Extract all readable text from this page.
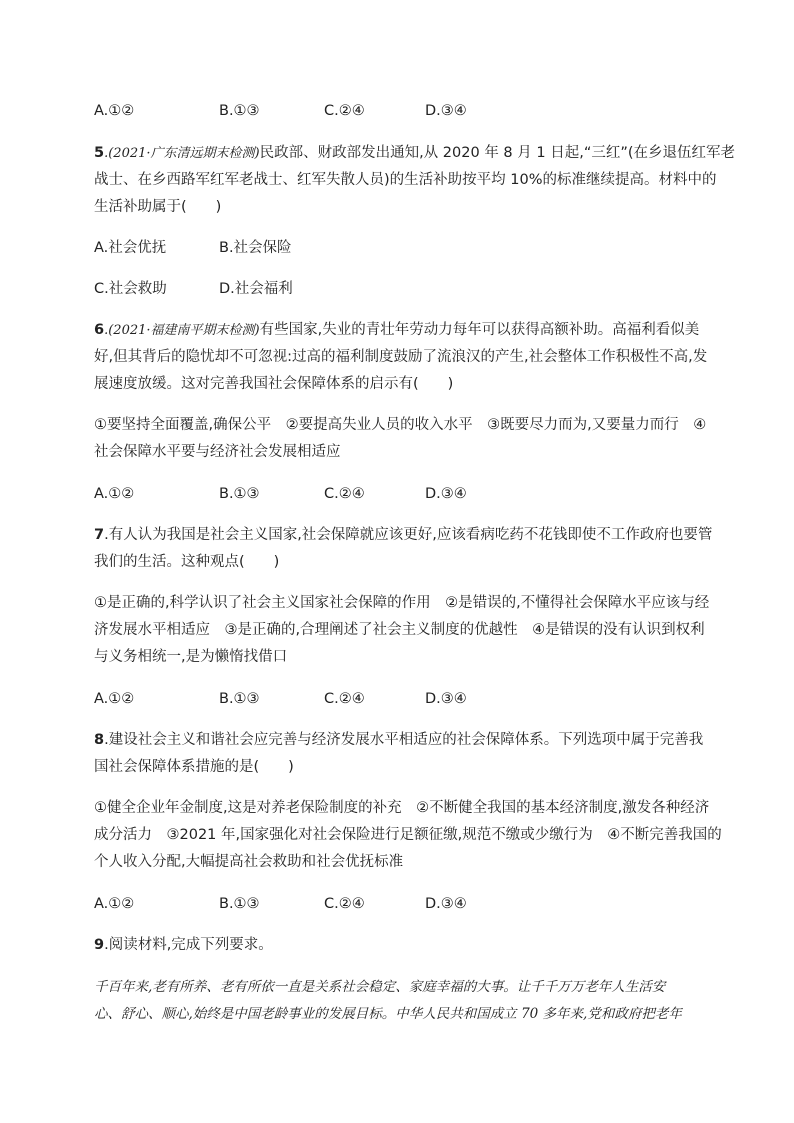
A.①②	B.①③	C.②④	D.③④
5.(2021·广东清远期末检测)民政部、财政部发出通知,从 2020 年 8 月 1 日起,“三红”(在乡退伍红军老
战士、在乡西路军红军老战士、红军失散人员)的生活补助按平均 10%的标准继续提高。材料中的
生活补助属于(　　)
A.社会优抚	B.社会保险
C.社会救助	D.社会福利
6.(2021·福建南平期末检测)有些国家,失业的青壮年劳动力每年可以获得高额补助。高福利看似美
好,但其背后的隐忧却不可忽视:过高的福利制度鼓励了流浪汉的产生,社会整体工作积极性不高,发
展速度放缓。这对完善我国社会保障体系的启示有(　　)
①要坚持全面覆盖,确保公平　②要提高失业人员的收入水平　③既要尽力而为,又要量力而行　④
社会保障水平要与经济社会发展相适应
A.①②	B.①③	C.②④	D.③④
7.有人认为我国是社会主义国家,社会保障就应该更好,应该看病吃药不花钱即使不工作政府也要管
我们的生活。这种观点(　　)
①是正确的,科学认识了社会主义国家社会保障的作用　②是错误的,不懂得社会保障水平应该与经
济发展水平相适应　③是正确的,合理阐述了社会主义制度的优越性　④是错误的没有认识到权利
与义务相统一,是为懒惰找借口
A.①②	B.①③	C.②④	D.③④
8.建设社会主义和谐社会应完善与经济发展水平相适应的社会保障体系。下列选项中属于完善我
国社会保障体系措施的是(　　)
①健全企业年金制度,这是对养老保险制度的补充　②不断健全我国的基本经济制度,激发各种经济
成分活力　③2021 年,国家强化对社会保险进行足额征缴,规范不缴或少缴行为　④不断完善我国的
个人收入分配,大幅提高社会救助和社会优抚标准
A.①②	B.①③	C.②④	D.③④
9.阅读材料,完成下列要求。
千百年来,老有所养、老有所依一直是关系社会稳定、家庭幸福的大事。让千千万万老年人生活安
心、舒心、顺心,始终是中国老龄事业的发展目标。中华人民共和国成立 70 多年来,党和政府把老年
